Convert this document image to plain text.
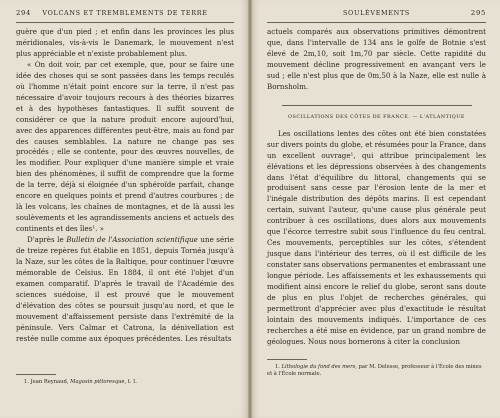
294	VOLCANS ET TREMBLEMENTS DE TERRE

guère que d'un pied ; et enfin dans les provinces les plus méridionales, vis-à-vis le Danemark, le mouvement n'est plus appréciable et n'existe probablement plus.

« On doit voir, par cet exemple, que, pour se faire une idée des choses qui se sont passées dans les temps reculés où l'homme n'était point encore sur la terre, il n'est pas nécessaire d'avoir toujours recours à des théories bizarres et à des hypothèses fantastiques. Il suffit souvent de considérer ce que la nature produit encore aujourd'hui, avec des apparences différentes peut-être, mais au fond par des causes semblables. La nature ne change pas ses procédés ; elle se contente, pour des œuvres nouvelles, de les modifier. Pour expliquer d'une manière simple et vraie bien des phénomènes, il suffit de comprendre que la forme de la terre, déjà si éloignée d'un sphéroïde parfait, change encore en quelques points et prend d'autres courbures ; de là les volcans, les chaînes de montagnes, et de là aussi les soulèvements et les agrandissements anciens et actuels des continents et des îles¹. »

D'après le Bulletin de l'Association scientifique une série de treize repères fut établie en 1851, depuis Tornéa jusqu'à la Naze, sur les côtes de la Baltique, pour continuer l'œuvre mémorable de Celsius. En 1884, il ont été l'objet d'un examen comparatif. D'après le travail de l'Académie des sciences suédoise, il est prouvé que le mouvement d'élévation des côtes se poursuit jusqu'au nord, et que le mouvement d'affaissement persiste dans l'extrémité de la péninsule. Vers Calmar et Catrona, la dénivellation est restée nulle comme aux époques précédentes. Les résultats

1. Jean Reynaud, Magasin pittoresque, t. I.

SOULÈVEMENTS	295

actuels comparés aux observations primitives démontrent que, dans l'intervalle de 134 ans le golfe de Botnie s'est élevé de 2m,10, soit 1m,70 par siècle. Cette rapidité du mouvement décline progressivement en avançant vers le sud ; elle n'est plus que de 0m,50 à la Naze, elle est nulle à Bornsholm.

OSCILLATIONS DES CÔTES DE FRANCE. — L'ATLANTIQUE

Les oscillations lentes des côtes ont été bien constatées sur divers points du globe, et résumées pour la France, dans un excellent ouvrage¹, qui attribue principalement les élévations et les dépressions observées à des changements dans l'état d'équilibre du littoral, changements qui se produisent sans cesse par l'érosion lente de la mer et l'inégale distribution des dépôts marins. Il est cependant certain, suivant l'auteur, qu'une cause plus générale peut contribuer à ces oscillations, dues alors aux mouvements que l'écorce terrestre subit sous l'influence du feu central. Ces mouvements, perceptibles sur les côtes, s'étendent jusque dans l'intérieur des terres, où il est difficile de les constater sans observations permanentes et embrassant une longue période. Les affaissements et les exhaussements qui modifient ainsi encore le relief du globe, seront sans doute de plus en plus l'objet de recherches générales, qui permettront d'apprécier avec plus d'exactitude le résultat lointain des mouvements indiqués. L'importance de ces recherches a été mise en évidence, par un grand nombre de géologues. Nous nous bornerons à citer la conclusion

1. Lithologie du fond des mers, par M. Delesse, professeur à l'École des mines et à l'École normale.
